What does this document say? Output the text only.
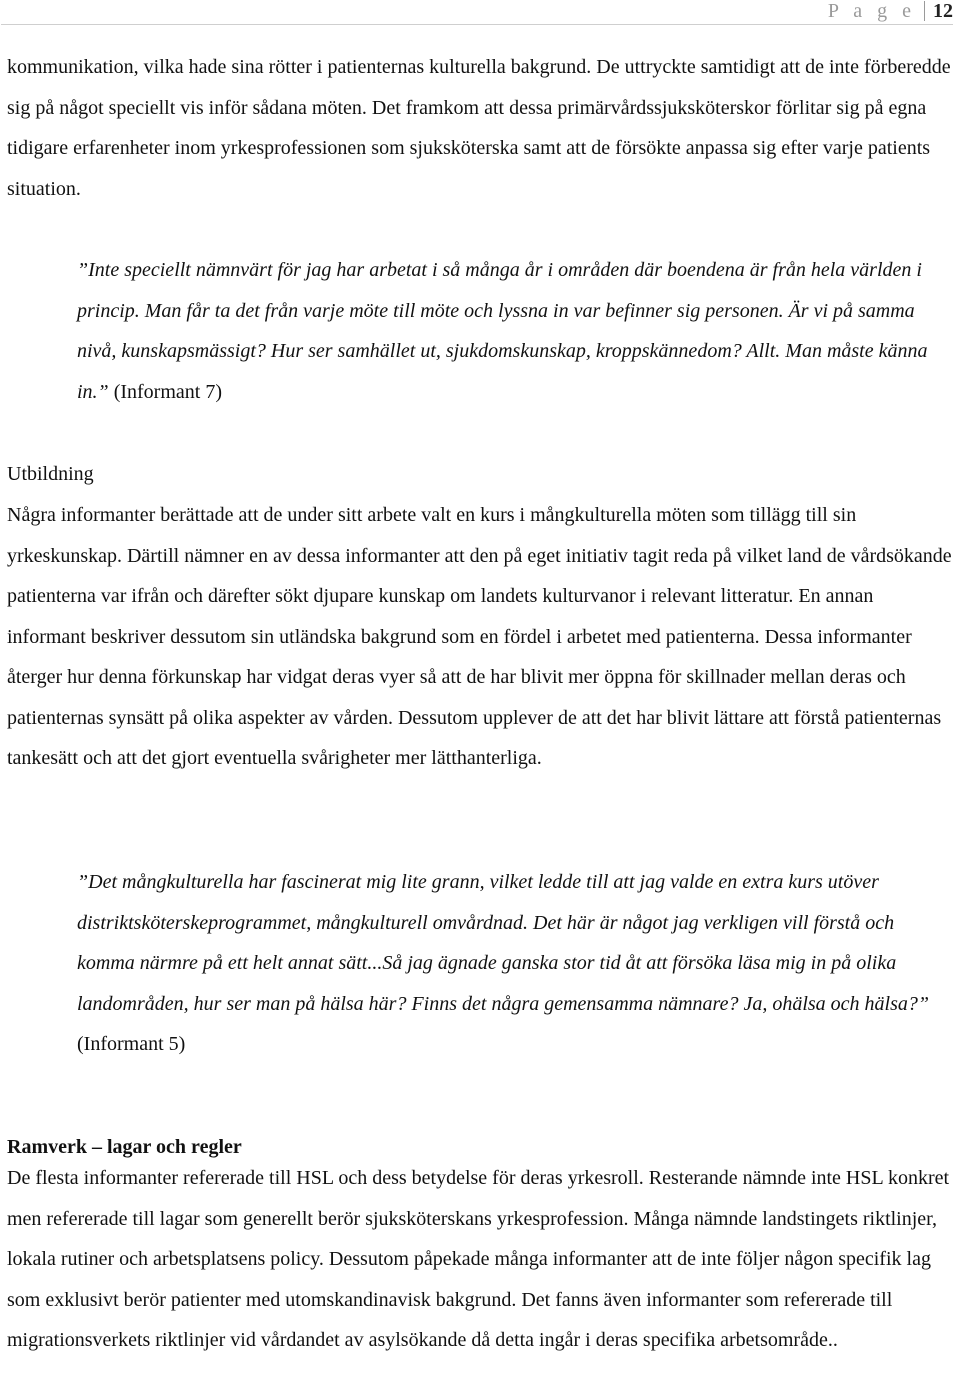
P a g e 12

kommunikation, vilka hade sina rötter i patienternas kulturella bakgrund. De uttryckte samtidigt att de inte förberedde sig på något speciellt vis inför sådana möten. Det framkom att dessa primärvårdssjuksköterskor förlitar sig på egna tidigare erfarenheter inom yrkesprofessionen som sjuksköterska samt att de försökte anpassa sig efter varje patients situation.

”Inte speciellt nämnvärt för jag har arbetat i så många år i områden där boendena är från hela världen i princip. Man får ta det från varje möte till möte och lyssna in var befinner sig personen. Är vi på samma nivå, kunskapsmässigt? Hur ser samhället ut, sjukdomskunskap, kroppskännedom? Allt. Man måste känna in.” (Informant 7)

Utbildning

Några informanter berättade att de under sitt arbete valt en kurs i mångkulturella möten som tillägg till sin yrkeskunskap. Därtill nämner en av dessa informanter att den på eget initiativ tagit reda på vilket land de vårdsökande patienterna var ifrån och därefter sökt djupare kunskap om landets kulturvanor i relevant litteratur. En annan informant beskriver dessutom sin utländska bakgrund som en fördel i arbetet med patienterna. Dessa informanter återger hur denna förkunskap har vidgat deras vyer så att de har blivit mer öppna för skillnader mellan deras och patienternas synsätt på olika aspekter av vården. Dessutom upplever de att det har blivit lättare att förstå patienternas tankesätt och att det gjort eventuella svårigheter mer lätthanterliga.

”Det mångkulturella har fascinerat mig lite grann, vilket ledde till att jag valde en extra kurs utöver distriktsköterskeprogrammet, mångkulturell omvårdnad. Det här är något jag verkligen vill förstå och komma närmre på ett helt annat sätt...Så jag ägnade ganska stor tid åt att försöka läsa mig in på olika landområden, hur ser man på hälsa här? Finns det några gemensamma nämnare? Ja, ohälsa och hälsa?” (Informant 5)

Ramverk – lagar och regler

De flesta informanter refererade till HSL och dess betydelse för deras yrkesroll. Resterande nämnde inte HSL konkret men refererade till lagar som generellt berör sjuksköterskans yrkesprofession. Många nämnde landstingets riktlinjer, lokala rutiner och arbetsplatsens policy. Dessutom påpekade många informanter att de inte följer någon specifik lag som exklusivt berör patienter med utomskandinavisk bakgrund. Det fanns även informanter som refererade till migrationsverkets riktlinjer vid vårdandet av asylsökande då detta ingår i deras specifika arbetsområde..
